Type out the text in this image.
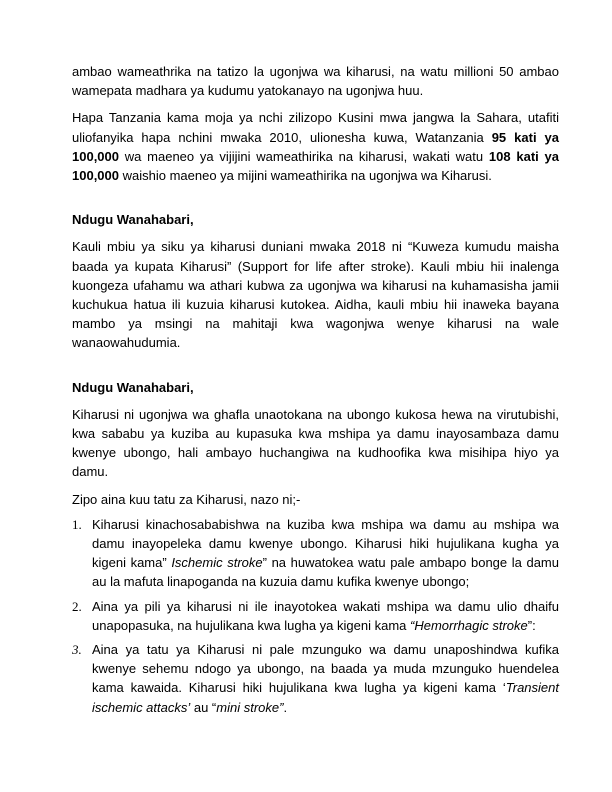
ambao wameathrika na tatizo la ugonjwa wa kiharusi, na watu millioni 50 ambao wamepata madhara ya kudumu yatokanayo na ugonjwa huu.

Hapa Tanzania kama moja ya nchi zilizopo Kusini mwa jangwa la Sahara, utafiti uliofanyika hapa nchini mwaka 2010, ulionesha kuwa, Watanzania 95 kati ya 100,000 wa maeneo ya vijijini wameathirika na kiharusi, wakati watu 108 kati ya 100,000 waishio maeneo ya mijini wameathirika na ugonjwa wa Kiharusi.

Ndugu Wanahabari,

Kauli mbiu ya siku ya kiharusi duniani mwaka 2018 ni “Kuweza kumudu maisha baada ya kupata Kiharusi” (Support for life after stroke). Kauli mbiu hii inalenga kuongeza ufahamu wa athari kubwa za ugonjwa wa kiharusi na kuhamasisha jamii kuchukua hatua ili kuzuia kiharusi kutokea. Aidha, kauli mbiu hii inaweka bayana mambo ya msingi na mahitaji kwa wagonjwa wenye kiharusi na wale wanaowahudumia.

Ndugu Wanahabari,

Kiharusi ni ugonjwa wa ghafla unaotokana na ubongo kukosa hewa na virutubishi, kwa sababu ya kuziba au kupasuka kwa mshipa ya damu inayosambaza damu kwenye ubongo, hali ambayo huchangiwa na kudhoofika kwa misihipa hiyo ya damu.

Zipo aina kuu tatu za Kiharusi, nazo ni;-

1. Kiharusi kinachosababishwa na kuziba kwa mshipa wa damu au mshipa wa damu inayopeleka damu kwenye ubongo. Kiharusi hiki hujulikana kugha ya kigeni kama” Ischemic stroke” na huwatokea watu pale ambapo bonge la damu au la mafuta linapoganda na kuzuia damu kufika kwenye ubongo;
2. Aina ya pili ya kiharusi ni ile inayotokea wakati mshipa wa damu ulio dhaifu unapopasuka, na hujulikana kwa lugha ya kigeni kama “Hemorrhagic stroke”:
3. Aina ya tatu ya Kiharusi ni pale mzunguko wa damu unaposhindwa kufika kwenye sehemu ndogo ya ubongo, na baada ya muda mzunguko huendelea kama kawaida. Kiharusi hiki hujulikana kwa lugha ya kigeni kama ‘Transient ischemic attacks’ au “mini stroke”.
